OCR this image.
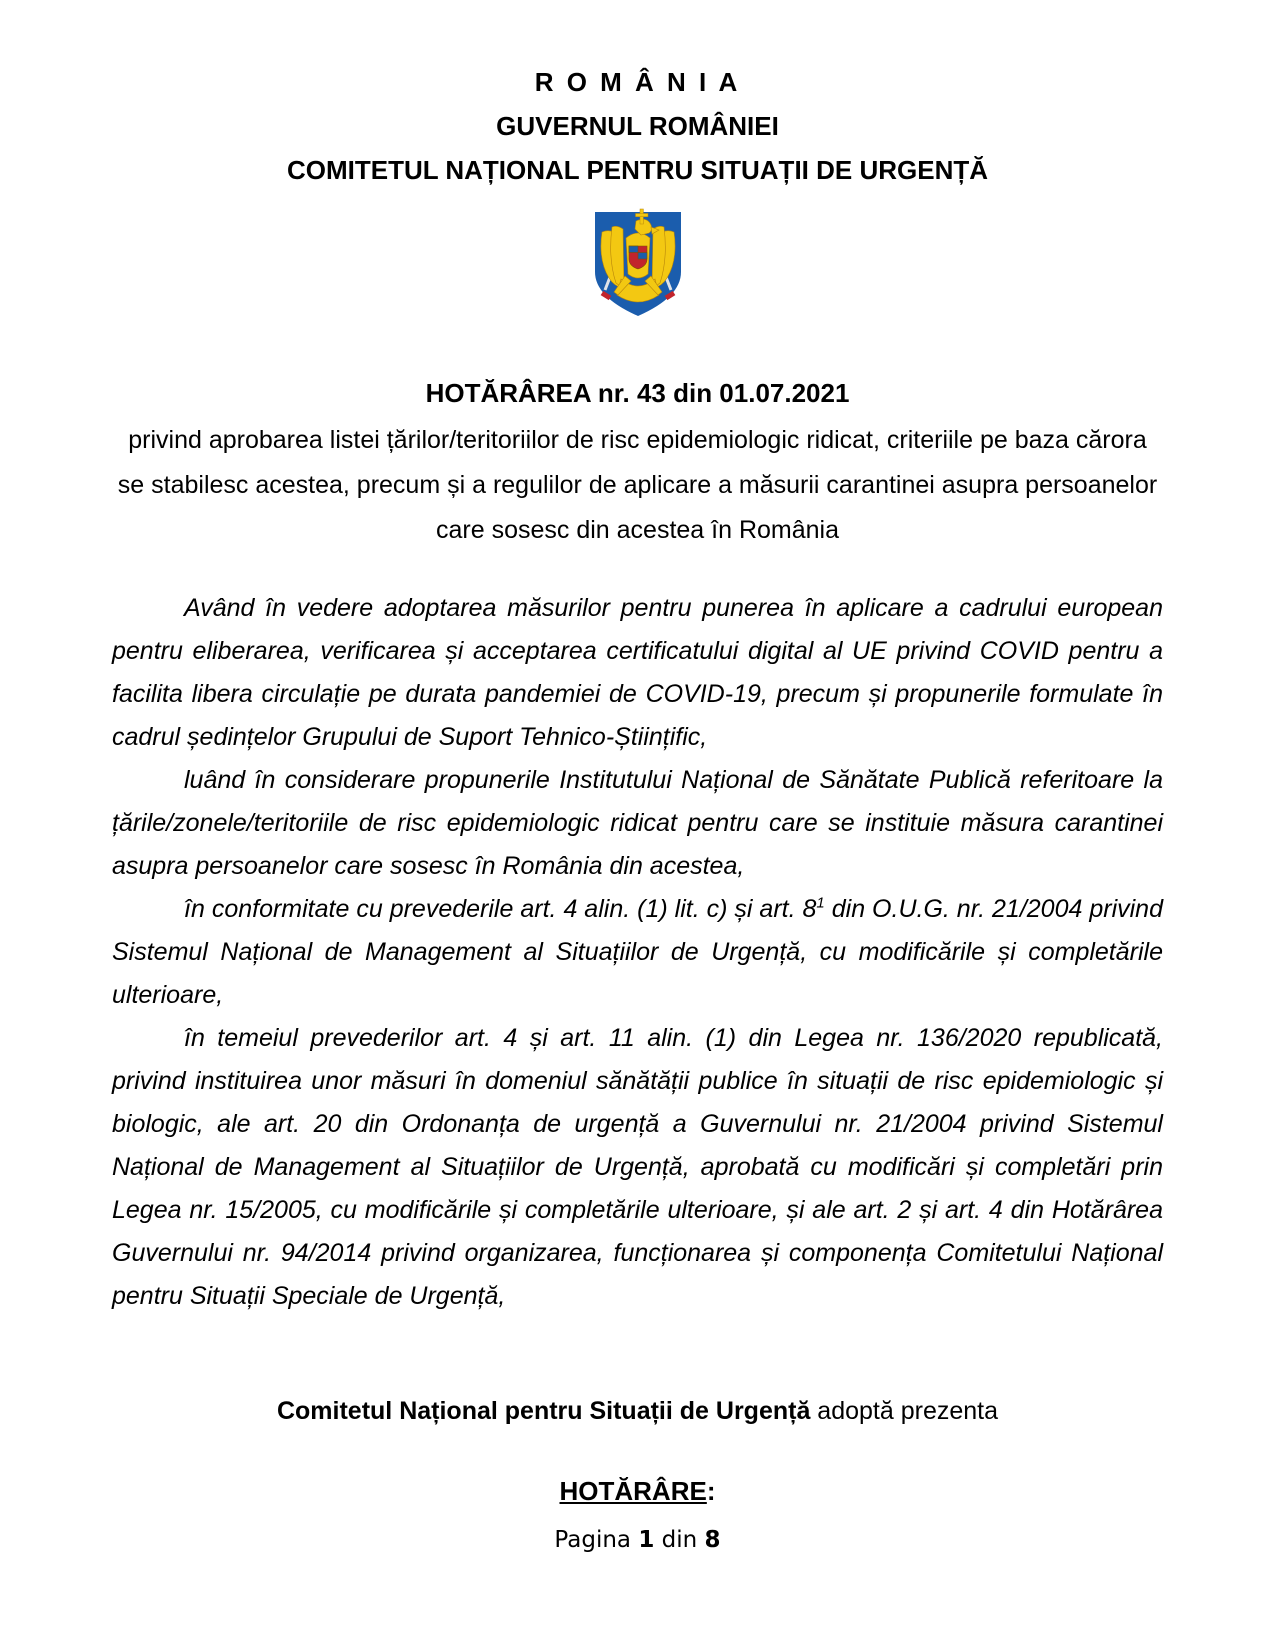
R O M Â N I A
GUVERNUL ROMÂNIEI
COMITETUL NAȚIONAL PENTRU SITUAȚII DE URGENȚĂ
HOTĂRÂREA nr. 43 din 01.07.2021
privind aprobarea listei țărilor/teritoriilor de risc epidemiologic ridicat, criteriile pe baza cărora se stabilesc acestea, precum și a regulilor de aplicare a măsurii carantinei asupra persoanelor care sosesc din acestea în România

Având în vedere adoptarea măsurilor pentru punerea în aplicare a cadrului european pentru eliberarea, verificarea și acceptarea certificatului digital al UE privind COVID pentru a facilita libera circulație pe durata pandemiei de COVID-19, precum și propunerile formulate în cadrul ședințelor Grupului de Suport Tehnico-Științific,

luând în considerare propunerile Institutului Național de Sănătate Publică referitoare la țările/zonele/teritoriile de risc epidemiologic ridicat pentru care se instituie măsura carantinei asupra persoanelor care sosesc în România din acestea,

în conformitate cu prevederile art. 4 alin. (1) lit. c) și art. $8^1$ din O.U.G. nr. 21/2004 privind Sistemul Național de Management al Situațiilor de Urgență, cu modificările și completările ulterioare,

în temeiul prevederilor art. 4 și art. 11 alin. (1) din Legea nr. 136/2020 republicată, privind instituirea unor măsuri în domeniul sănătății publice în situații de risc epidemiologic și biologic, ale art. 20 din Ordonanța de urgență a Guvernului nr. 21/2004 privind Sistemul Național de Management al Situațiilor de Urgență, aprobată cu modificări și completări prin Legea nr. 15/2005, cu modificările și completările ulterioare, și ale art. 2 și art. 4 din Hotărârea Guvernului nr. 94/2014 privind organizarea, funcționarea și componența Comitetului Național pentru Situații Speciale de Urgență,

Comitetul Național pentru Situații de Urgență adoptă prezenta
HOTĂRÂRE:
Pagina 1 din 8
